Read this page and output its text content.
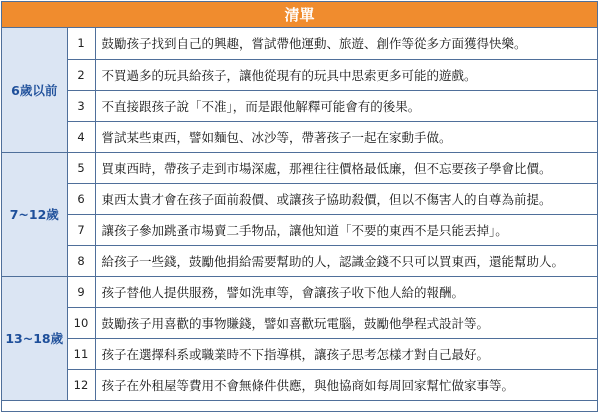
清單
6歲以前	1	鼓勵孩子找到自己的興趣，嘗試帶他運動、旅遊、創作等從多方面獲得快樂。
	2	不買過多的玩具給孩子，讓他從現有的玩具中思索更多可能的遊戲。
	3	不直接跟孩子說「不准」，而是跟他解釋可能會有的後果。
	4	嘗試某些東西，譬如麵包、冰沙等，帶著孩子一起在家動手做。
7~12歲	5	買東西時，帶孩子走到市場深處，那裡往往價格最低廉，但不忘要孩子學會比價。
	6	東西太貴才會在孩子面前殺價、或讓孩子協助殺價，但以不傷害人的自尊為前提。
	7	讓孩子參加跳蚤市場賣二手物品，讓他知道「不要的東西不是只能丟掉」。
	8	給孩子一些錢，鼓勵他捐給需要幫助的人，認識金錢不只可以買東西，還能幫助人。
13~18歲	9	孩子替他人提供服務，譬如洗車等，會讓孩子收下他人給的報酬。
	10	鼓勵孩子用喜歡的事物賺錢，譬如喜歡玩電腦，鼓勵他學程式設計等。
	11	孩子在選擇科系或職業時不下指導棋，讓孩子思考怎樣才對自己最好。
	12	孩子在外租屋等費用不會無條件供應，與他協商如每周回家幫忙做家事等。
